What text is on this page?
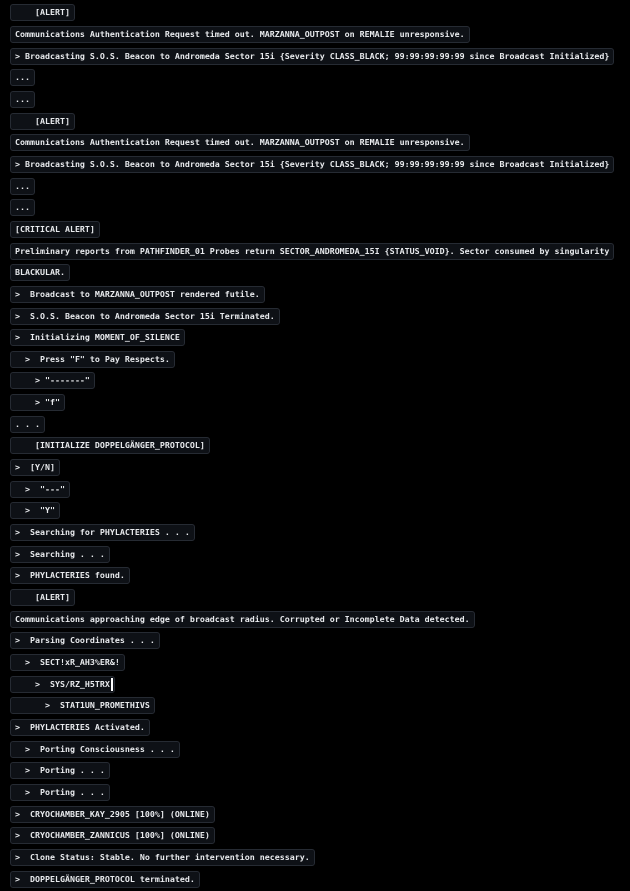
[ALERT]
Communications Authentication Request timed out. MARZANNA_OUTPOST on REMALIE unresponsive.
> Broadcasting S.O.S. Beacon to Andromeda Sector 15i {Severity CLASS_BLACK; 99:99:99:99:99 since Broadcast Initialized}
...
...
[ALERT]
Communications Authentication Request timed out. MARZANNA_OUTPOST on REMALIE unresponsive.
> Broadcasting S.O.S. Beacon to Andromeda Sector 15i {Severity CLASS_BLACK; 99:99:99:99:99 since Broadcast Initialized}
...
...
[CRITICAL ALERT]
Preliminary reports from PATHFINDER_01 Probes return SECTOR_ANDROMEDA_15I {STATUS_VOID}. Sector consumed by singularity
BLACKULAR.
>  Broadcast to MARZANNA_OUTPOST rendered futile.
>  S.O.S. Beacon to Andromeda Sector 15i Terminated.
>  Initializing MOMENT_OF_SILENCE
>  Press "F" to Pay Respects.
> "-------"
> "f"
. . .
[INITIALIZE DOPPELGÄNGER_PROTOCOL]
>  [Y/N]
>  "---"
>  "Y"
>  Searching for PHYLACTERIES . . .
>  Searching . . .
>  PHYLACTERIES found.
[ALERT]
Communications approaching edge of broadcast radius. Corrupted or Incomplete Data detected.
>  Parsing Coordinates . . .
>  SECT!xR_AH3%ER&!
>  SYS/RZ_H5TRX
>  STAT1UN_PROMETHIVS
>  PHYLACTERIES Activated.
>  Porting Consciousness . . .
>  Porting . . .
>  Porting . . .
>  CRYOCHAMBER_KAY_2905 [100%] (ONLINE)
>  CRYOCHAMBER_ZANNICUS [100%] (ONLINE)
>  Clone Status: Stable. No further intervention necessary.
>  DOPPELGÄNGER_PROTOCOL terminated.
